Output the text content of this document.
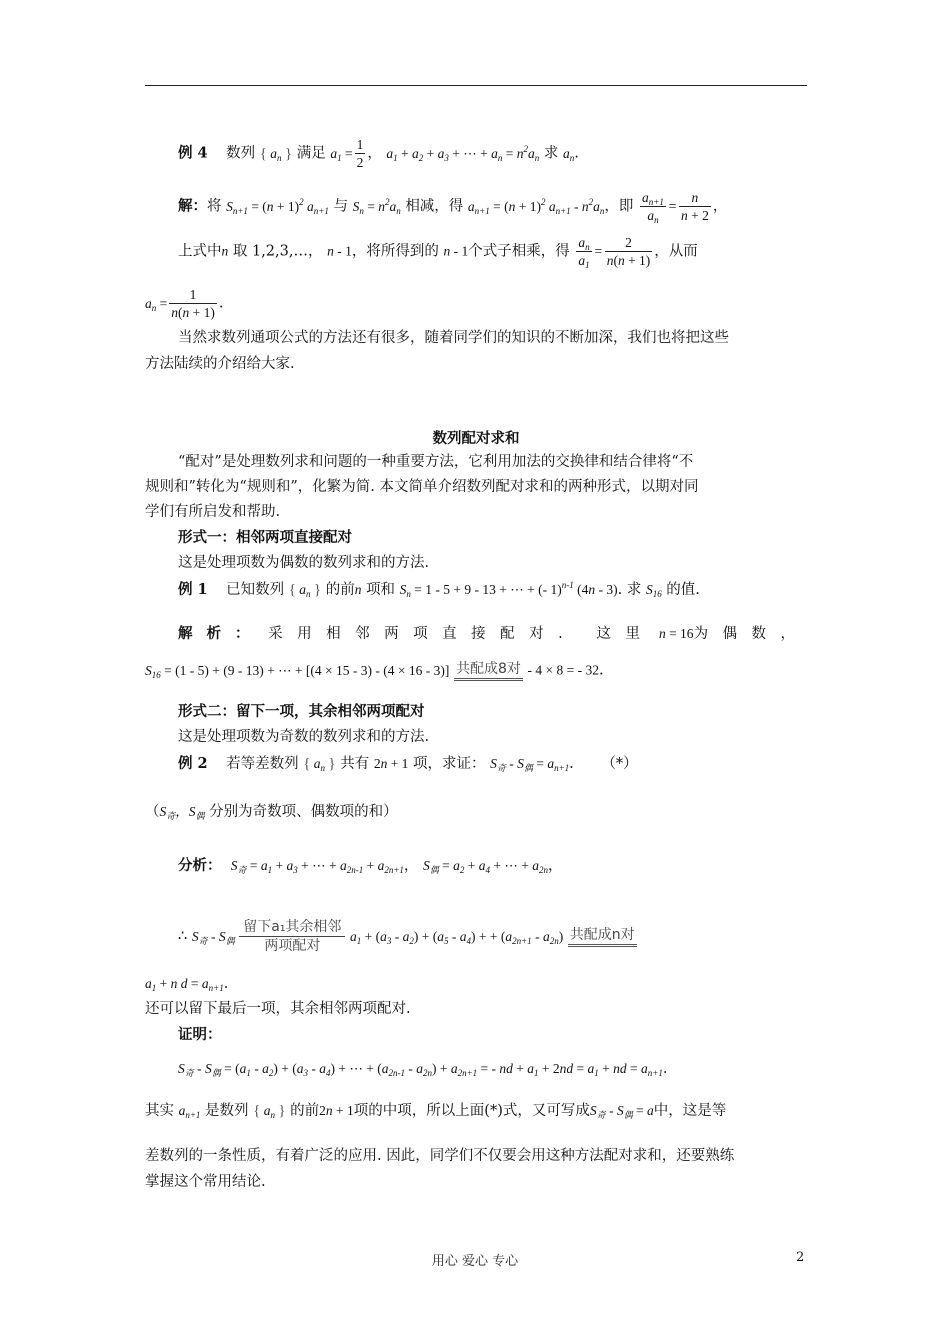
例 4 数列 { $a_n$ } 满足 $a_1 = \frac{1}{2}$ ， $a_1 + a_2 + a_3$ + ⋯ + $a_n = n^2a_n$ 求 $a_n$.
解：将 $S_{n+1} = (n + 1)^2$ $a_{n+1}$ 与 $S_n = n^2a_n$ 相减，得 $a_{n+1} = (n + 1)^2$ $a_{n+1} - n^2a_n$，即 $\frac{a_{n+1}}{a_n} = \frac{n}{n + 2}$ ，
上式中n 取 1,2,3,…， n - 1，将所得到的 n - 1个式子相乘，得 $\frac{a_n}{a_1} = \frac{2}{n(n + 1)}$ ，从而
$a_n = \frac{1}{n(n + 1)}$ .
当然求数列通项公式的方法还有很多，随着同学们的知识的不断加深，我们也将把这些
方法陆续的介绍给大家.
数列配对求和
“配对”是处理数列求和问题的一种重要方法，它利用加法的交换律和结合律将“不
规则和”转化为“规则和”，化繁为简. 本文简单介绍数列配对求和的两种形式，以期对同
学们有所启发和帮助.
形式一：相邻两项直接配对
这是处理项数为偶数的数列求和的方法.
例 1 已知数列 { $a_n$ } 的前n 项和 $S_n = 1 - 5 + 9 - 13$ + ⋯ + (- 1)$^{n-1}$ (4n - 3). 求 $S_{16}$ 的值.
解析： 采用相邻两项直接配对. 这里 n = 16为偶数，
$S_{16} = (1 - 5) + (9 - 13)$ + ⋯ + [(4 × 15 - 3) - (4 × 16 - 3)] 共配成8对 - 4 × 8 = - 32.
形式二：留下一项，其余相邻两项配对
这是处理项数为奇数的数列求和的方法.
例 2 若等差数列 { $a_n$ } 共有 2n + 1 项，求证： $S_奇 - S_偶 = a_{n+1}$.      （*）
（$S_奇$，$S_偶$ 分别为奇数项、偶数项的和）
分析： $S_奇 = a_1 + a_3$ + ⋯ + $a_{2n-1} + a_{2n+1}$， $S_偶 = a_2 + a_4$ + ⋯ + $a_{2n}$，
∴ $S_奇 - S_偶$
留下a₁其余相邻
两项配对
$a_1 + (a_3 - a_2) + (a_5 - a_4)$ + + $(a_{2n+1} - a_{2n})$ 共配成n对
$a_1 + n$ $d = a_{n+1}$.
还可以留下最后一项，其余相邻两项配对.
证明：
$S_奇 - S_偶 = (a_1 - a_2) + (a_3 - a_4)$ + ⋯ + $(a_{2n-1} - a_{2n}) + a_{2n+1}$ = - nd + $a_1 + 2nd = a_1$ + nd = $a_{n+1}$.
其实 $a_{n+1}$ 是数列 { $a_n$ } 的前2n + 1项的中项，所以上面(*)式，又可写成$S_奇 - S_偶 = a$中，这是等
差数列的一条性质，有着广泛的应用. 因此，同学们不仅要会用这种方法配对求和，还要熟练
掌握这个常用结论.
用心 爱心 专心	2
